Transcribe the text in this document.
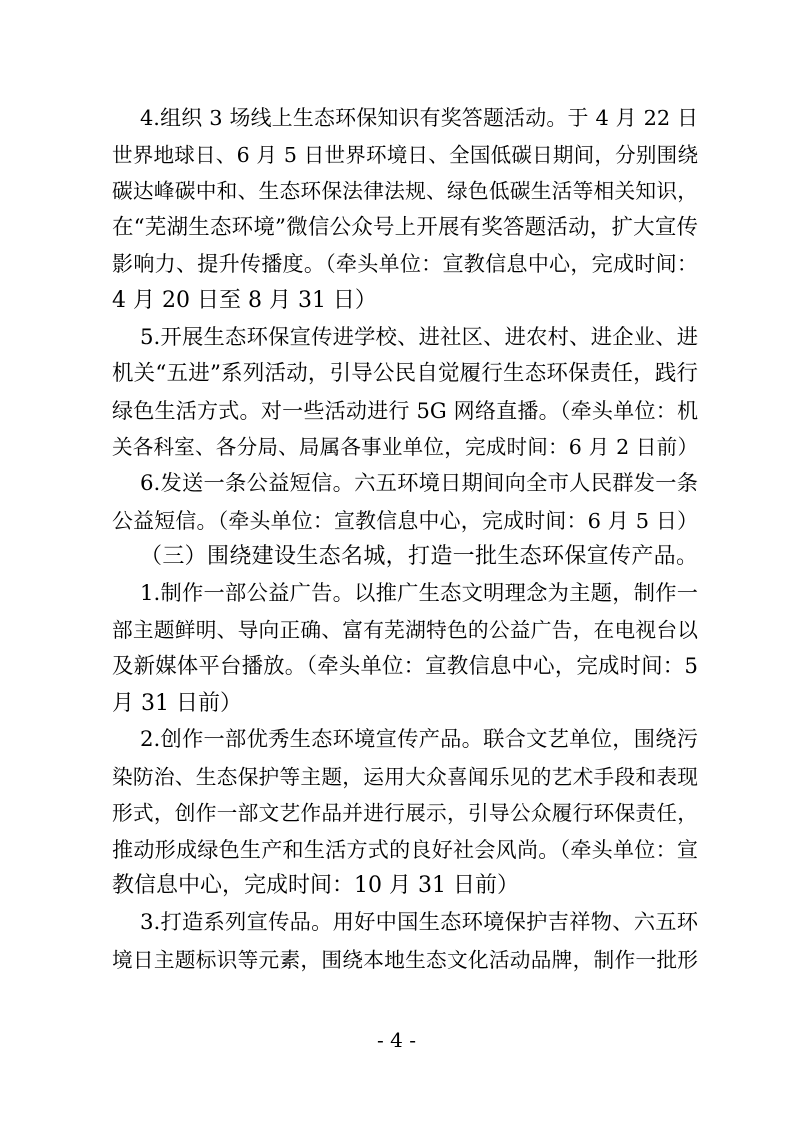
4.组织 3 场线上生态环保知识有奖答题活动。于 4 月 22 日
世界地球日、6 月 5 日世界环境日、全国低碳日期间，分别围绕
碳达峰碳中和、生态环保法律法规、绿色低碳生活等相关知识，
在“芜湖生态环境”微信公众号上开展有奖答题活动，扩大宣传
影响力、提升传播度。（牵头单位：宣教信息中心，完成时间：
4 月 20 日至 8 月 31 日）
5.开展生态环保宣传进学校、进社区、进农村、进企业、进
机关“五进”系列活动，引导公民自觉履行生态环保责任，践行
绿色生活方式。对一些活动进行 5G 网络直播。（牵头单位：机
关各科室、各分局、局属各事业单位，完成时间：6 月 2 日前）
6.发送一条公益短信。六五环境日期间向全市人民群发一条
公益短信。（牵头单位：宣教信息中心，完成时间：6 月 5 日）
（三）围绕建设生态名城，打造一批生态环保宣传产品。
1.制作一部公益广告。以推广生态文明理念为主题，制作一
部主题鲜明、导向正确、富有芜湖特色的公益广告，在电视台以
及新媒体平台播放。（牵头单位：宣教信息中心，完成时间：5
月 31 日前）
2.创作一部优秀生态环境宣传产品。联合文艺单位，围绕污
染防治、生态保护等主题，运用大众喜闻乐见的艺术手段和表现
形式，创作一部文艺作品并进行展示，引导公众履行环保责任，
推动形成绿色生产和生活方式的良好社会风尚。（牵头单位：宣
教信息中心，完成时间：10 月 31 日前）
3.打造系列宣传品。用好中国生态环境保护吉祥物、六五环
境日主题标识等元素，围绕本地生态文化活动品牌，制作一批形
- 4 -
